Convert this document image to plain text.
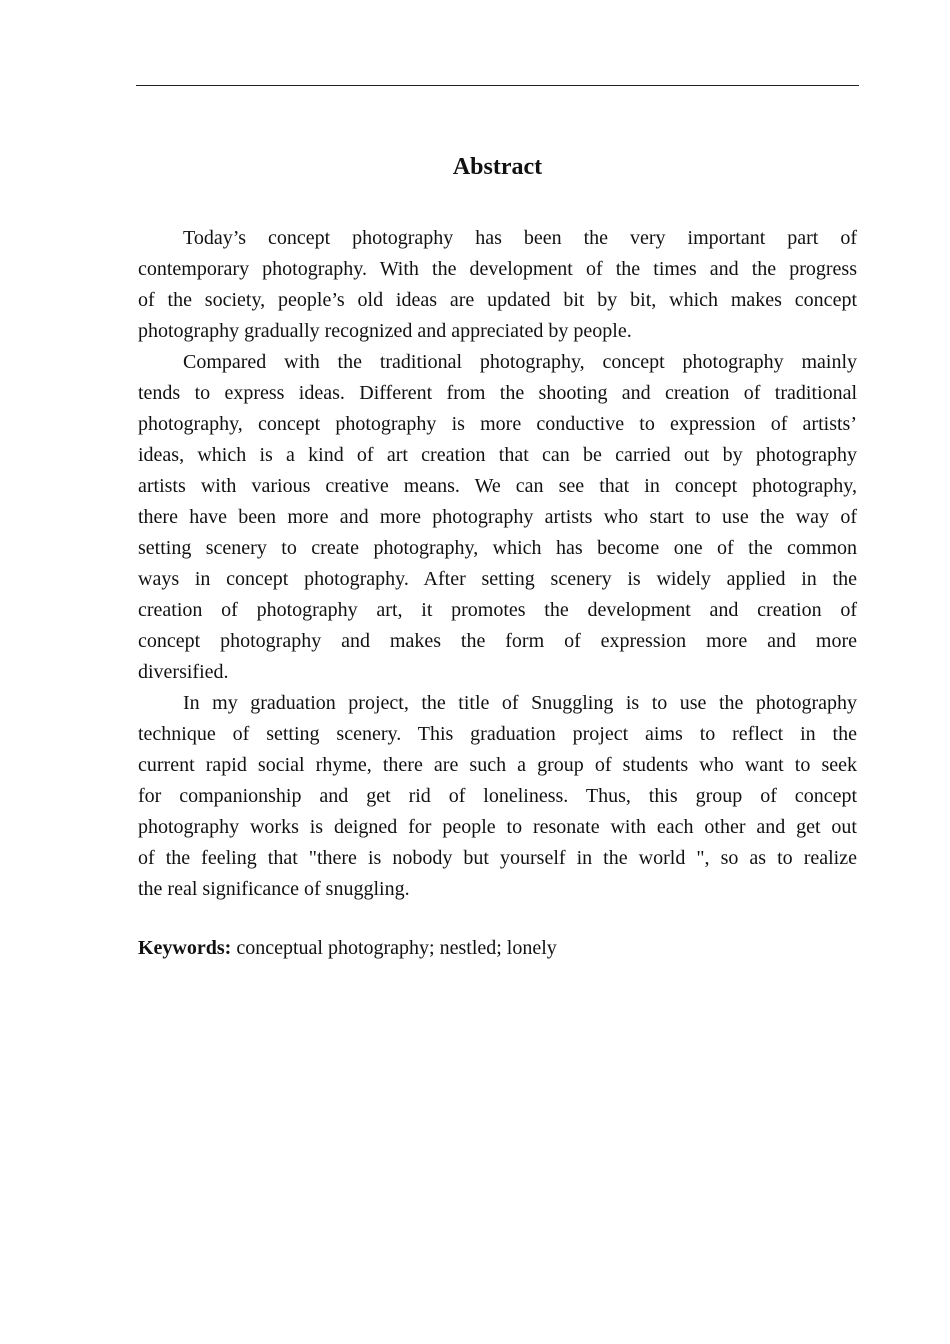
Abstract
Today’s concept photography has been the very important part of
contemporary photography. With the development of the times and the progress
of the society, people’s old ideas are updated bit by bit, which makes concept
photography gradually recognized and appreciated by people.
Compared with the traditional photography, concept photography mainly
tends to express ideas. Different from the shooting and creation of traditional
photography, concept photography is more conductive to expression of artists’
ideas, which is a kind of art creation that can be carried out by photography
artists with various creative means. We can see that in concept photography,
there have been more and more photography artists who start to use the way of
setting scenery to create photography, which has become one of the common
ways in concept photography. After setting scenery is widely applied in the
creation of photography art, it promotes the development and creation of
concept photography and makes the form of expression more and more
diversified.
In my graduation project, the title of Snuggling is to use the photography
technique of setting scenery. This graduation project aims to reflect in the
current rapid social rhyme, there are such a group of students who want to seek
for companionship and get rid of loneliness. Thus, this group of concept
photography works is deigned for people to resonate with each other and get out
of the feeling that "there is nobody but yourself in the world ", so as to realize
the real significance of snuggling.
Keywords: conceptual photography; nestled; lonely
